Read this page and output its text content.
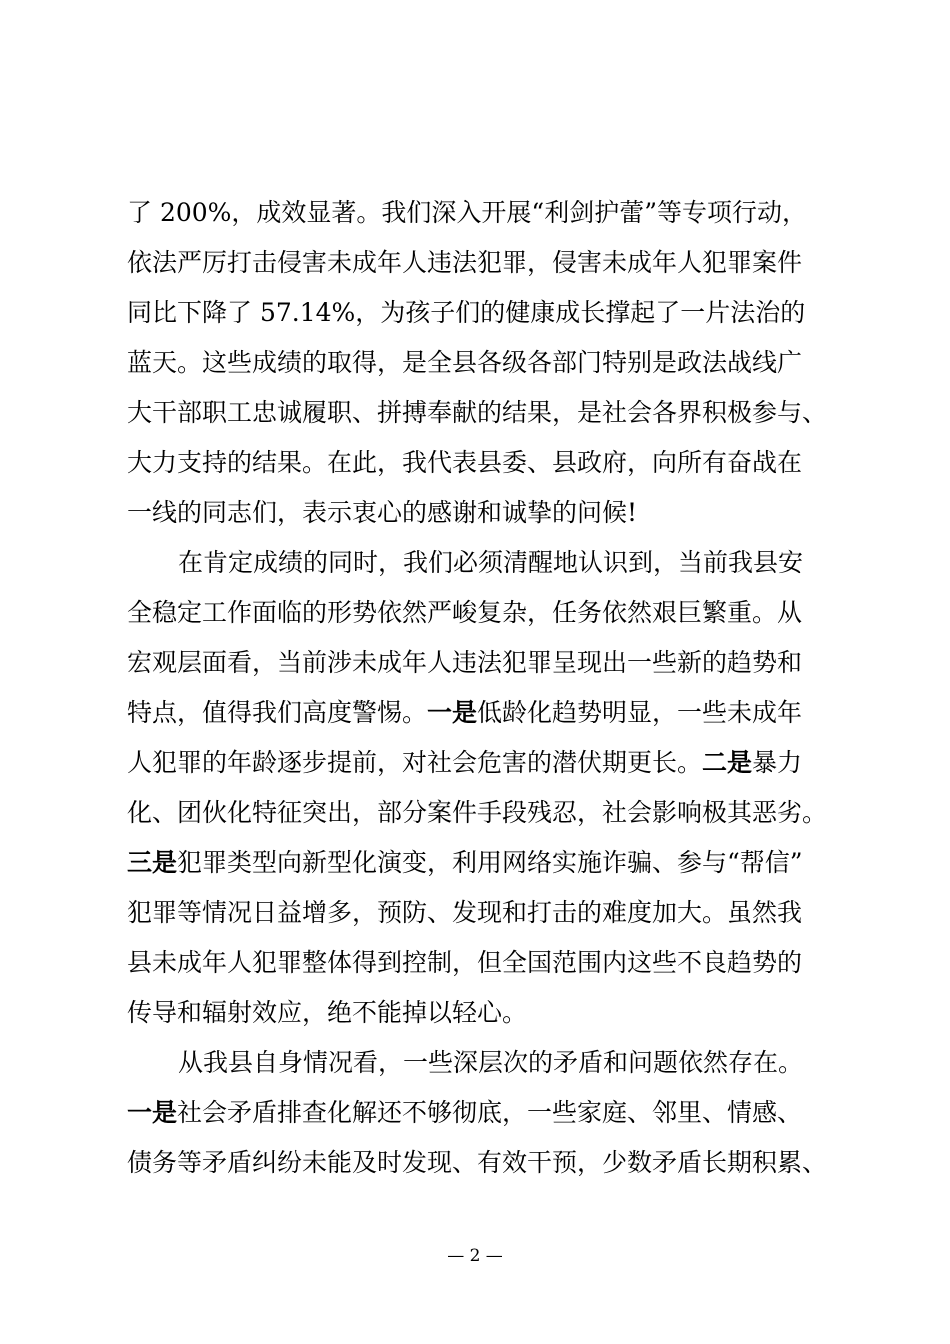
了 200%，成效显著。我们深入开展“利剑护蕾”等专项行动，
依法严厉打击侵害未成年人违法犯罪，侵害未成年人犯罪案件
同比下降了 57.14%，为孩子们的健康成长撑起了一片法治的
蓝天。这些成绩的取得，是全县各级各部门特别是政法战线广
大干部职工忠诚履职、拼搏奉献的结果，是社会各界积极参与、
大力支持的结果。在此，我代表县委、县政府，向所有奋战在
一线的同志们，表示衷心的感谢和诚挚的问候!
在肯定成绩的同时，我们必须清醒地认识到，当前我县安
全稳定工作面临的形势依然严峻复杂，任务依然艰巨繁重。从
宏观层面看，当前涉未成年人违法犯罪呈现出一些新的趋势和
特点，值得我们高度警惕。一是低龄化趋势明显，一些未成年
人犯罪的年龄逐步提前，对社会危害的潜伏期更长。二是暴力
化、团伙化特征突出，部分案件手段残忍，社会影响极其恶劣。
三是犯罪类型向新型化演变，利用网络实施诈骗、参与“帮信”
犯罪等情况日益增多，预防、发现和打击的难度加大。虽然我
县未成年人犯罪整体得到控制，但全国范围内这些不良趋势的
传导和辐射效应，绝不能掉以轻心。
从我县自身情况看，一些深层次的矛盾和问题依然存在。
一是社会矛盾排查化解还不够彻底，一些家庭、邻里、情感、
债务等矛盾纠纷未能及时发现、有效干预，少数矛盾长期积累、
— 2 —
